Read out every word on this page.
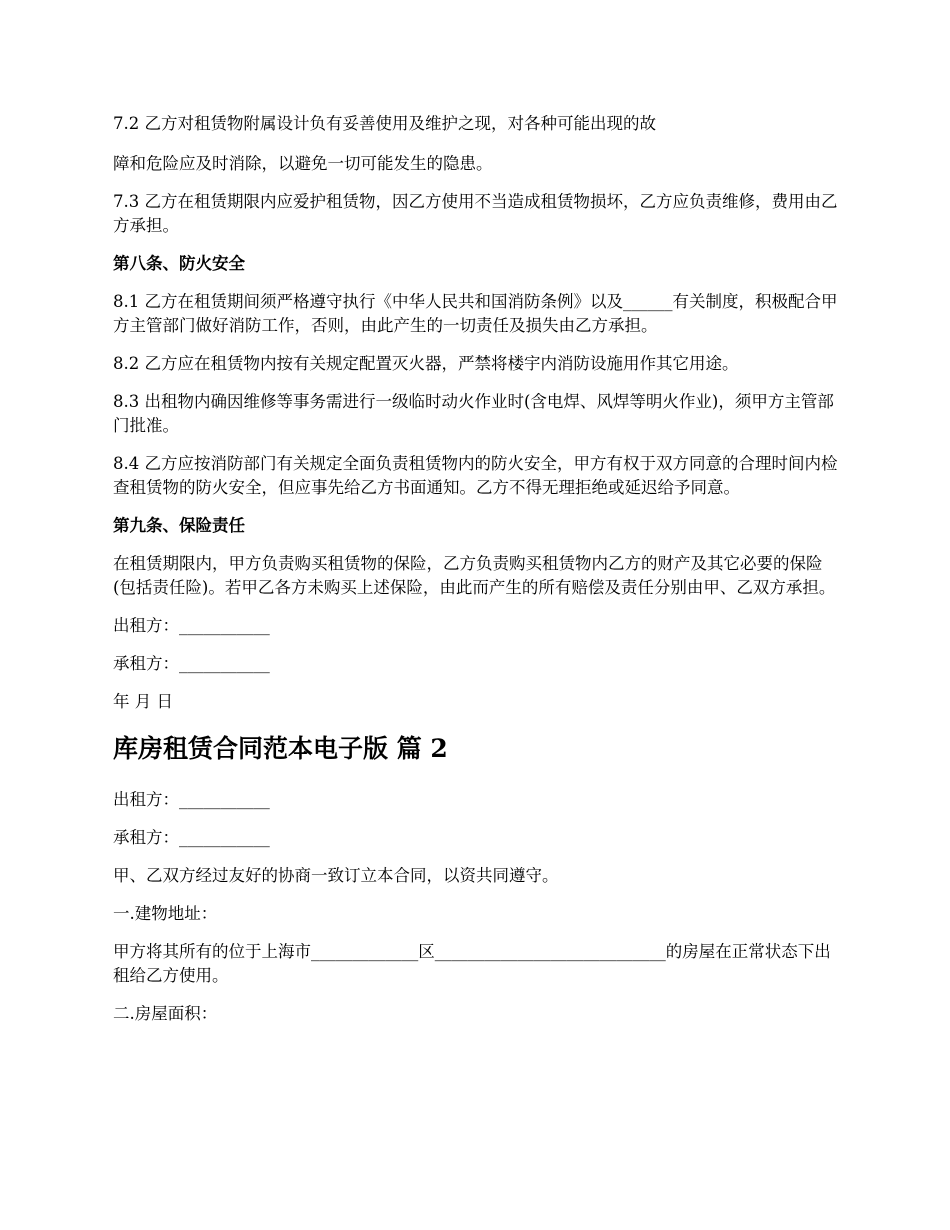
7.2 乙方对租赁物附属设计负有妥善使用及维护之现，对各种可能出现的故

障和危险应及时消除，以避免一切可能发生的隐患。

7.3 乙方在租赁期限内应爱护租赁物，因乙方使用不当造成租赁物损坏，乙方应负责维修，费用由乙方承担。

第八条、防火安全

8.1 乙方在租赁期间须严格遵守执行《中华人民共和国消防条例》以及______有关制度，积极配合甲方主管部门做好消防工作，否则，由此产生的一切责任及损失由乙方承担。

8.2 乙方应在租赁物内按有关规定配置灭火器，严禁将楼宇内消防设施用作其它用途。

8.3 出租物内确因维修等事务需进行一级临时动火作业时(含电焊、风焊等明火作业)，须甲方主管部门批准。

8.4 乙方应按消防部门有关规定全面负责租赁物内的防火安全，甲方有权于双方同意的合理时间内检查租赁物的防火安全，但应事先给乙方书面通知。乙方不得无理拒绝或延迟给予同意。

第九条、保险责任

在租赁期限内，甲方负责购买租赁物的保险，乙方负责购买租赁物内乙方的财产及其它必要的保险(包括责任险)。若甲乙各方未购买上述保险，由此而产生的所有赔偿及责任分别由甲、乙双方承担。

出租方：___________

承租方：___________

年 月 日

库房租赁合同范本电子版 篇 2

出租方：___________

承租方：___________

甲、乙双方经过友好的协商一致订立本合同，以资共同遵守。

一.建物地址：

甲方将其所有的位于上海市_____________区____________________________的房屋在正常状态下出租给乙方使用。

二.房屋面积：
